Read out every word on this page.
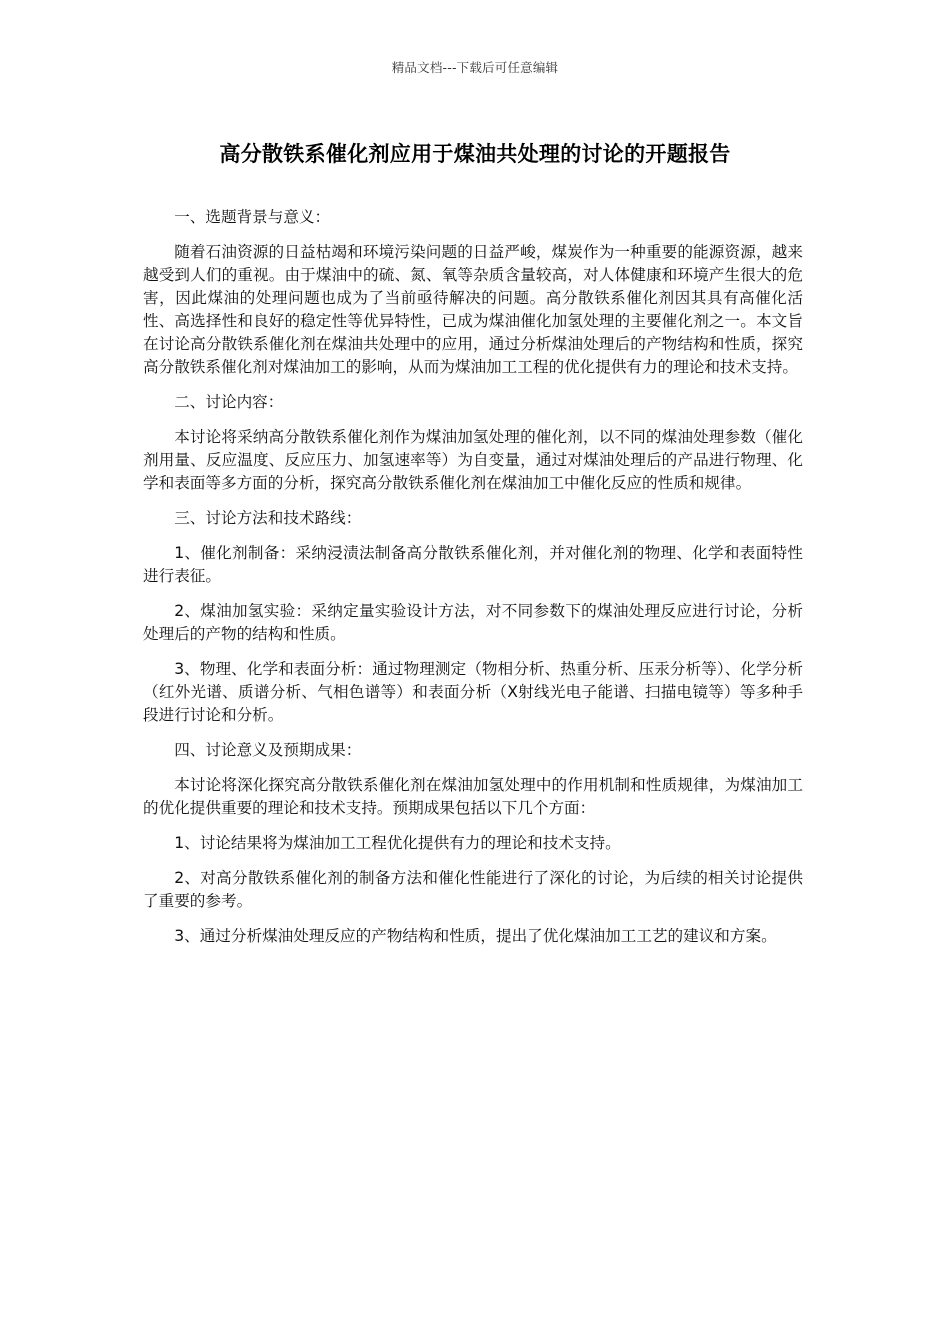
精品文档---下载后可任意编辑
高分散铁系催化剂应用于煤油共处理的讨论的开题报告

一、选题背景与意义：

随着石油资源的日益枯竭和环境污染问题的日益严峻，煤炭作为一种重要的能源资源，越来越受到人们的重视。由于煤油中的硫、氮、氧等杂质含量较高，对人体健康和环境产生很大的危害，因此煤油的处理问题也成为了当前亟待解决的问题。高分散铁系催化剂因其具有高催化活性、高选择性和良好的稳定性等优异特性，已成为煤油催化加氢处理的主要催化剂之一。本文旨在讨论高分散铁系催化剂在煤油共处理中的应用，通过分析煤油处理后的产物结构和性质，探究高分散铁系催化剂对煤油加工的影响，从而为煤油加工工程的优化提供有力的理论和技术支持。

二、讨论内容：

本讨论将采纳高分散铁系催化剂作为煤油加氢处理的催化剂，以不同的煤油处理参数（催化剂用量、反应温度、反应压力、加氢速率等）为自变量，通过对煤油处理后的产品进行物理、化学和表面等多方面的分析，探究高分散铁系催化剂在煤油加工中催化反应的性质和规律。

三、讨论方法和技术路线：

1、催化剂制备：采纳浸渍法制备高分散铁系催化剂，并对催化剂的物理、化学和表面特性进行表征。

2、煤油加氢实验：采纳定量实验设计方法，对不同参数下的煤油处理反应进行讨论，分析处理后的产物的结构和性质。

3、物理、化学和表面分析：通过物理测定（物相分析、热重分析、压汞分析等）、化学分析（红外光谱、质谱分析、气相色谱等）和表面分析（X射线光电子能谱、扫描电镜等）等多种手段进行讨论和分析。

四、讨论意义及预期成果：

本讨论将深化探究高分散铁系催化剂在煤油加氢处理中的作用机制和性质规律，为煤油加工的优化提供重要的理论和技术支持。预期成果包括以下几个方面：

1、讨论结果将为煤油加工工程优化提供有力的理论和技术支持。

2、对高分散铁系催化剂的制备方法和催化性能进行了深化的讨论，为后续的相关讨论提供了重要的参考。

3、通过分析煤油处理反应的产物结构和性质，提出了优化煤油加工工艺的建议和方案。
